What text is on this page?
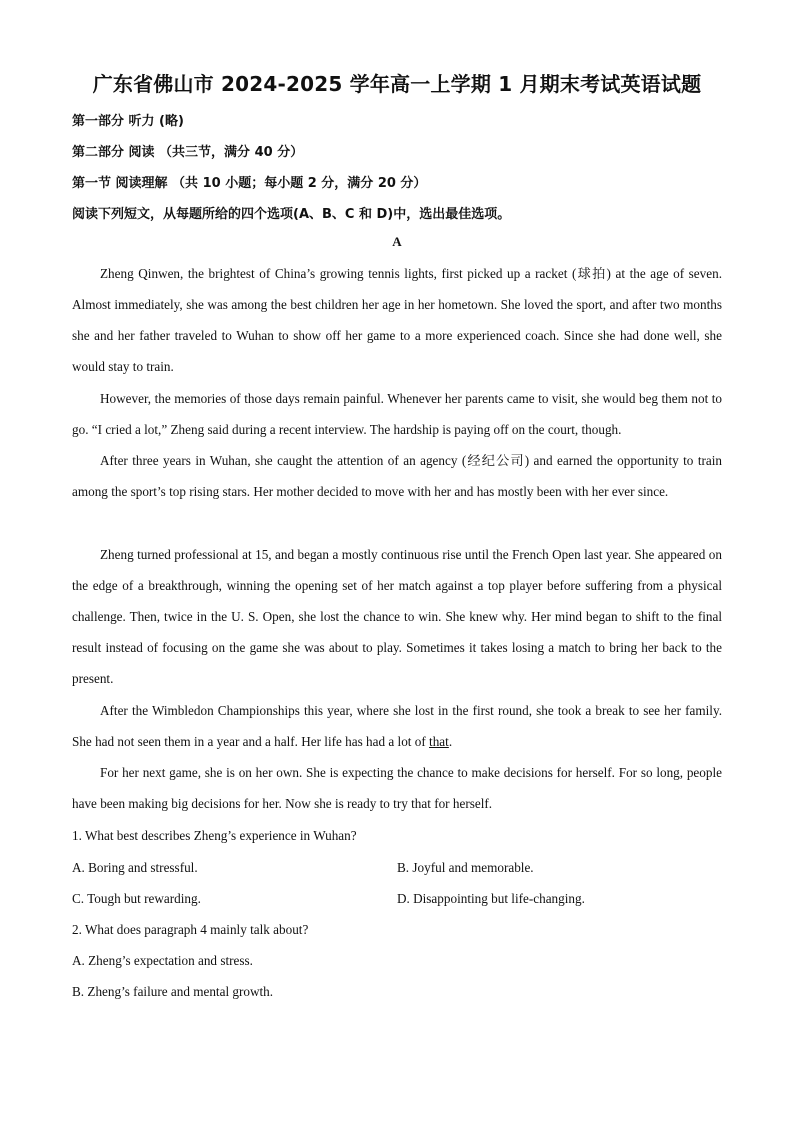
广东省佛山市 2024-2025 学年高一上学期 1 月期末考试英语试题
第一部分 听力 (略)
第二部分 阅读 （共三节，满分 40 分）
第一节 阅读理解 （共 10 小题；每小题 2 分，满分 20 分）
阅读下列短文，从每题所给的四个选项(A、B、C 和 D)中，选出最佳选项。
A
Zheng Qinwen, the brightest of China’s growing tennis lights, first picked up a racket (球拍) at the age of seven. Almost immediately, she was among the best children her age in her hometown. She loved the sport, and after two months she and her father traveled to Wuhan to show off her game to a more experienced coach. Since she had done well, she would stay to train.
However, the memories of those days remain painful. Whenever her parents came to visit, she would beg them not to go. “I cried a lot,” Zheng said during a recent interview. The hardship is paying off on the court, though.
After three years in Wuhan, she caught the attention of an agency (经纪公司) and earned the opportunity to train among the sport’s top rising stars. Her mother decided to move with her and has mostly been with her ever since.
Zheng turned professional at 15, and began a mostly continuous rise until the French Open last year. She appeared on the edge of a breakthrough, winning the opening set of her match against a top player before suffering from a physical challenge. Then, twice in the U. S. Open, she lost the chance to win. She knew why. Her mind began to shift to the final result instead of focusing on the game she was about to play. Sometimes it takes losing a match to bring her back to the present.
After the Wimbledon Championships this year, where she lost in the first round, she took a break to see her family. She had not seen them in a year and a half. Her life has had a lot of that.
For her next game, she is on her own. She is expecting the chance to make decisions for herself. For so long, people have been making big decisions for her. Now she is ready to try that for herself.
1. What best describes Zheng’s experience in Wuhan?
A. Boring and stressful.	B. Joyful and memorable.
C. Tough but rewarding.	D. Disappointing but life-changing.
2. What does paragraph 4 mainly talk about?
A. Zheng’s expectation and stress.
B. Zheng’s failure and mental growth.
